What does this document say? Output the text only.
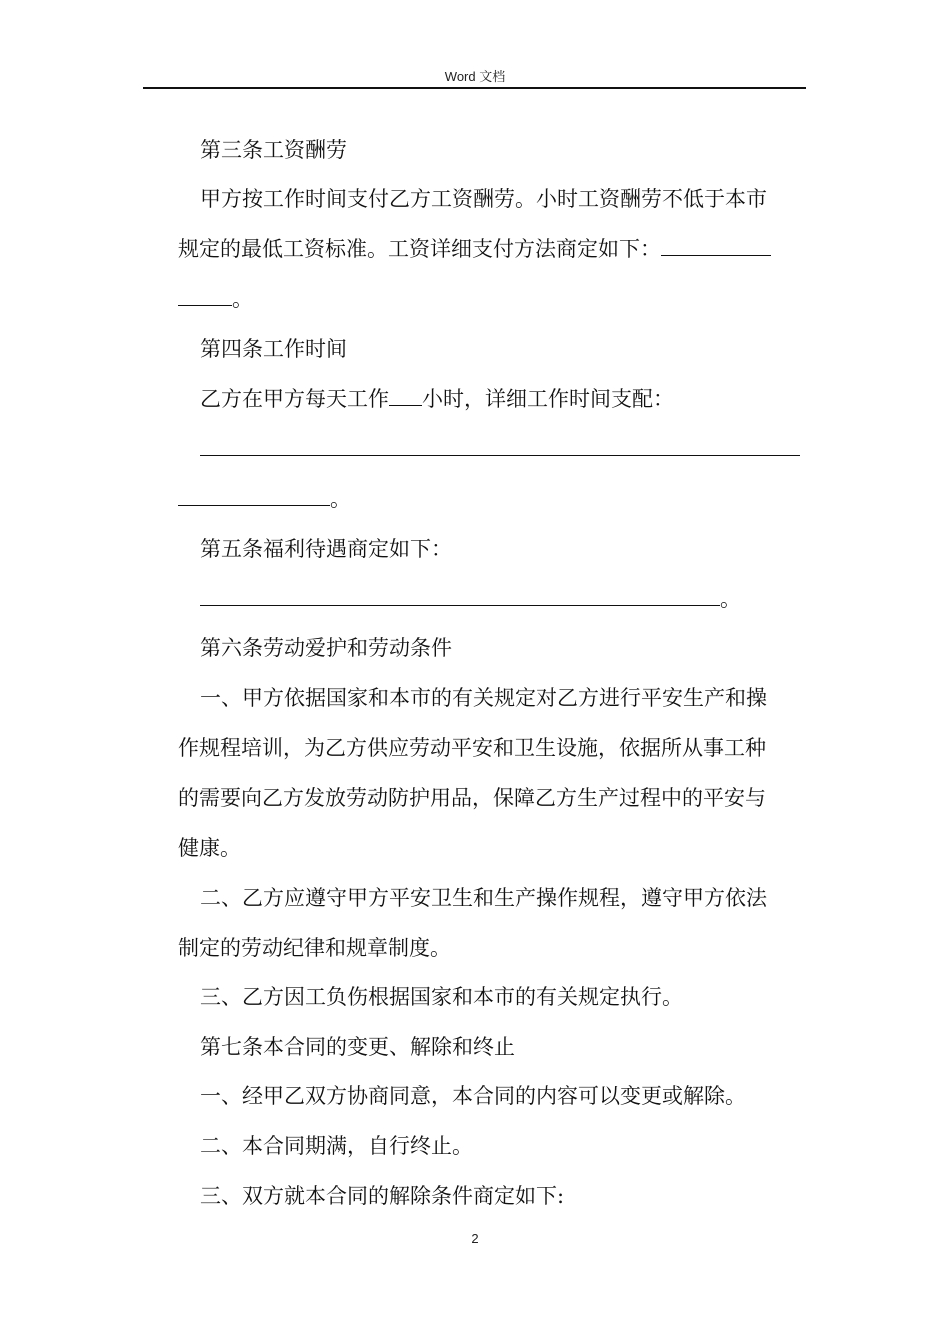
Word 文档
第三条工资酬劳
甲方按工作时间支付乙方工资酬劳。小时工资酬劳不低于本市
规定的最低工资标准。工资详细支付方法商定如下：
。
第四条工作时间
乙方在甲方每天工作 小时，详细工作时间支配：
。
第五条福利待遇商定如下：
。
第六条劳动爱护和劳动条件
一、甲方依据国家和本市的有关规定对乙方进行平安生产和操
作规程培训，为乙方供应劳动平安和卫生设施，依据所从事工种
的需要向乙方发放劳动防护用品，保障乙方生产过程中的平安与
健康。
二、乙方应遵守甲方平安卫生和生产操作规程，遵守甲方依法
制定的劳动纪律和规章制度。
三、乙方因工负伤根据国家和本市的有关规定执行。
第七条本合同的变更、解除和终止
一、经甲乙双方协商同意，本合同的内容可以变更或解除。
二、本合同期满，自行终止。
三、双方就本合同的解除条件商定如下:
2
